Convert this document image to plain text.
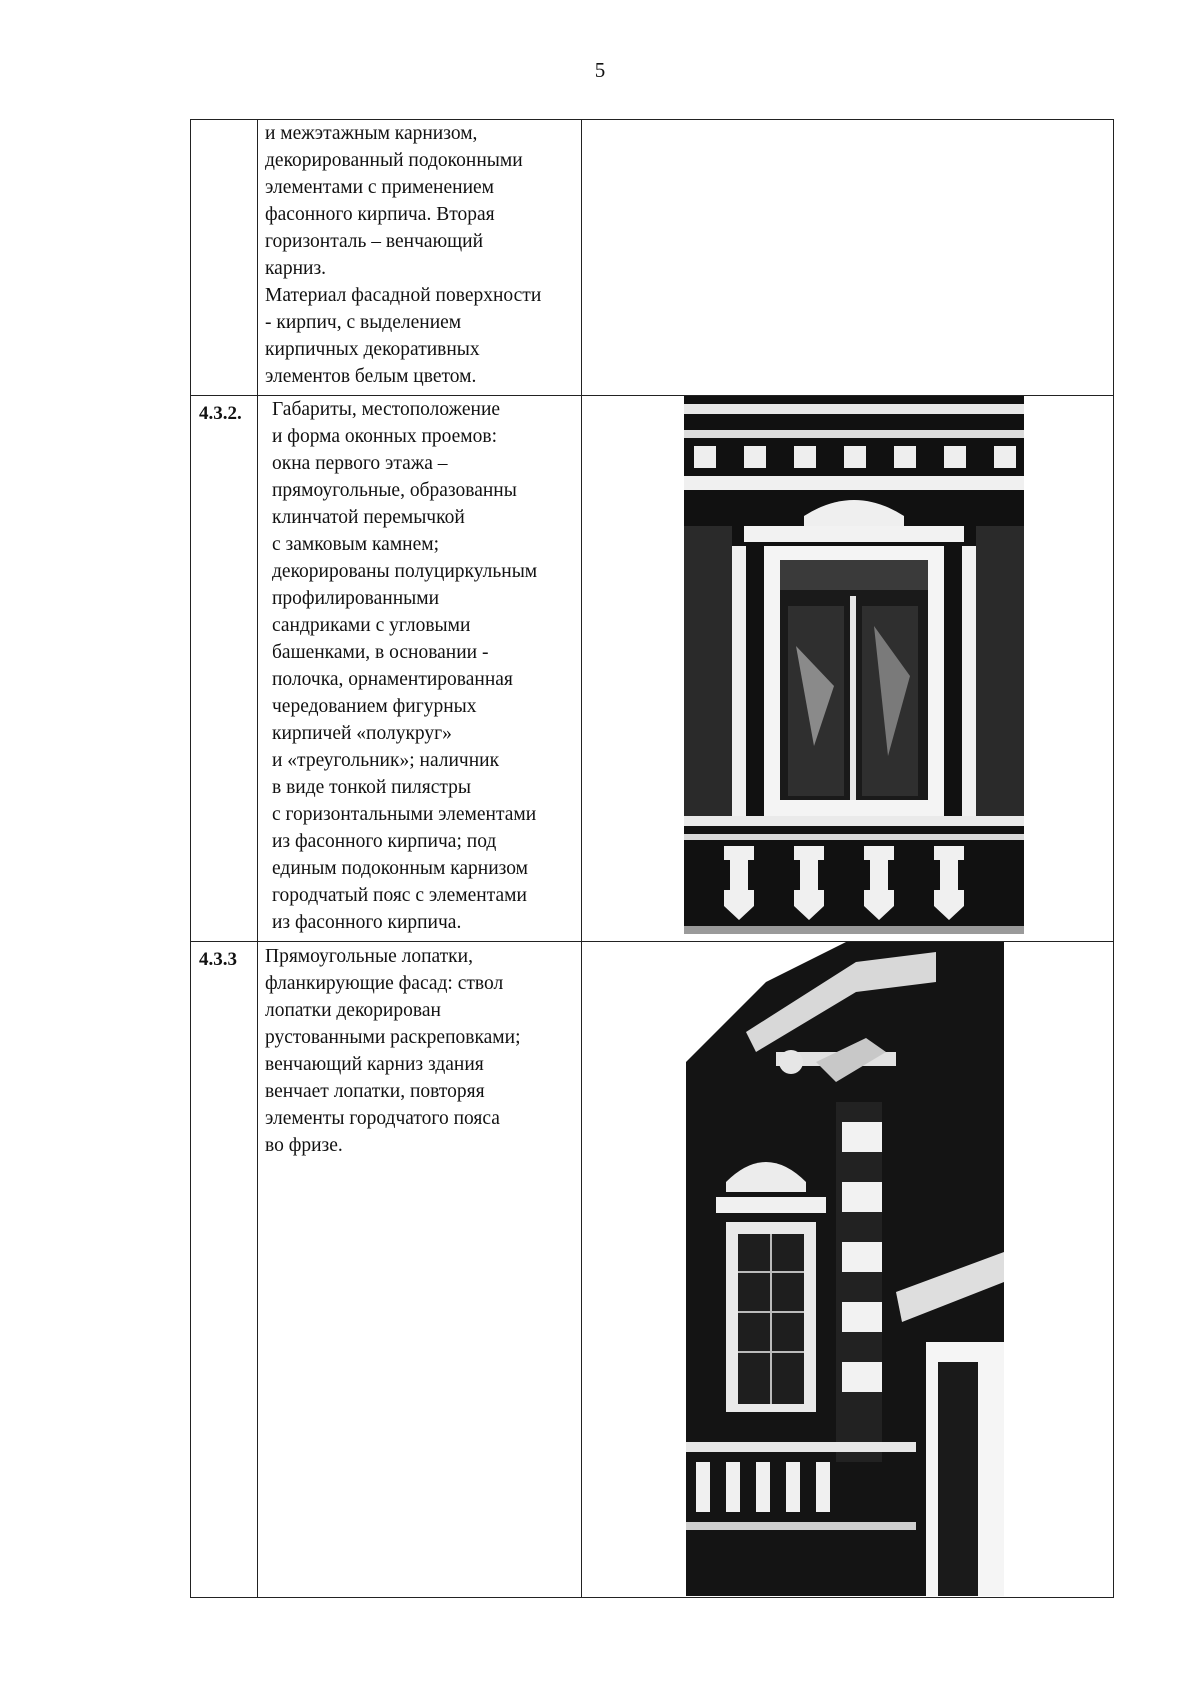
5
и межэтажным карнизом,
декорированный подоконными
элементами с применением
фасонного кирпича. Вторая
горизонталь – венчающий
карниз.
Материал фасадной поверхности
- кирпич, с выделением
кирпичных декоративных
элементов белым цветом.
4.3.2.	Габариты, местоположение
и форма оконных проемов:
окна первого этажа –
прямоугольные, образованны
клинчатой перемычкой
с замковым камнем;
декорированы полуциркульным
профилированными
сандриками с угловыми
башенками, в основании -
полочка, орнаментированная
чередованием фигурных
кирпичей «полукруг»
и «треугольник»; наличник
в виде тонкой пилястры
с горизонтальными элементами
из фасонного кирпича; под
единым подоконным карнизом
городчатый пояс с элементами
из фасонного кирпича.
4.3.3	Прямоугольные лопатки,
фланкирующие фасад: ствол
лопатки декорирован
рустованными раскреповками;
венчающий карниз здания
венчает лопатки, повторяя
элементы городчатого пояса
во фризе.
